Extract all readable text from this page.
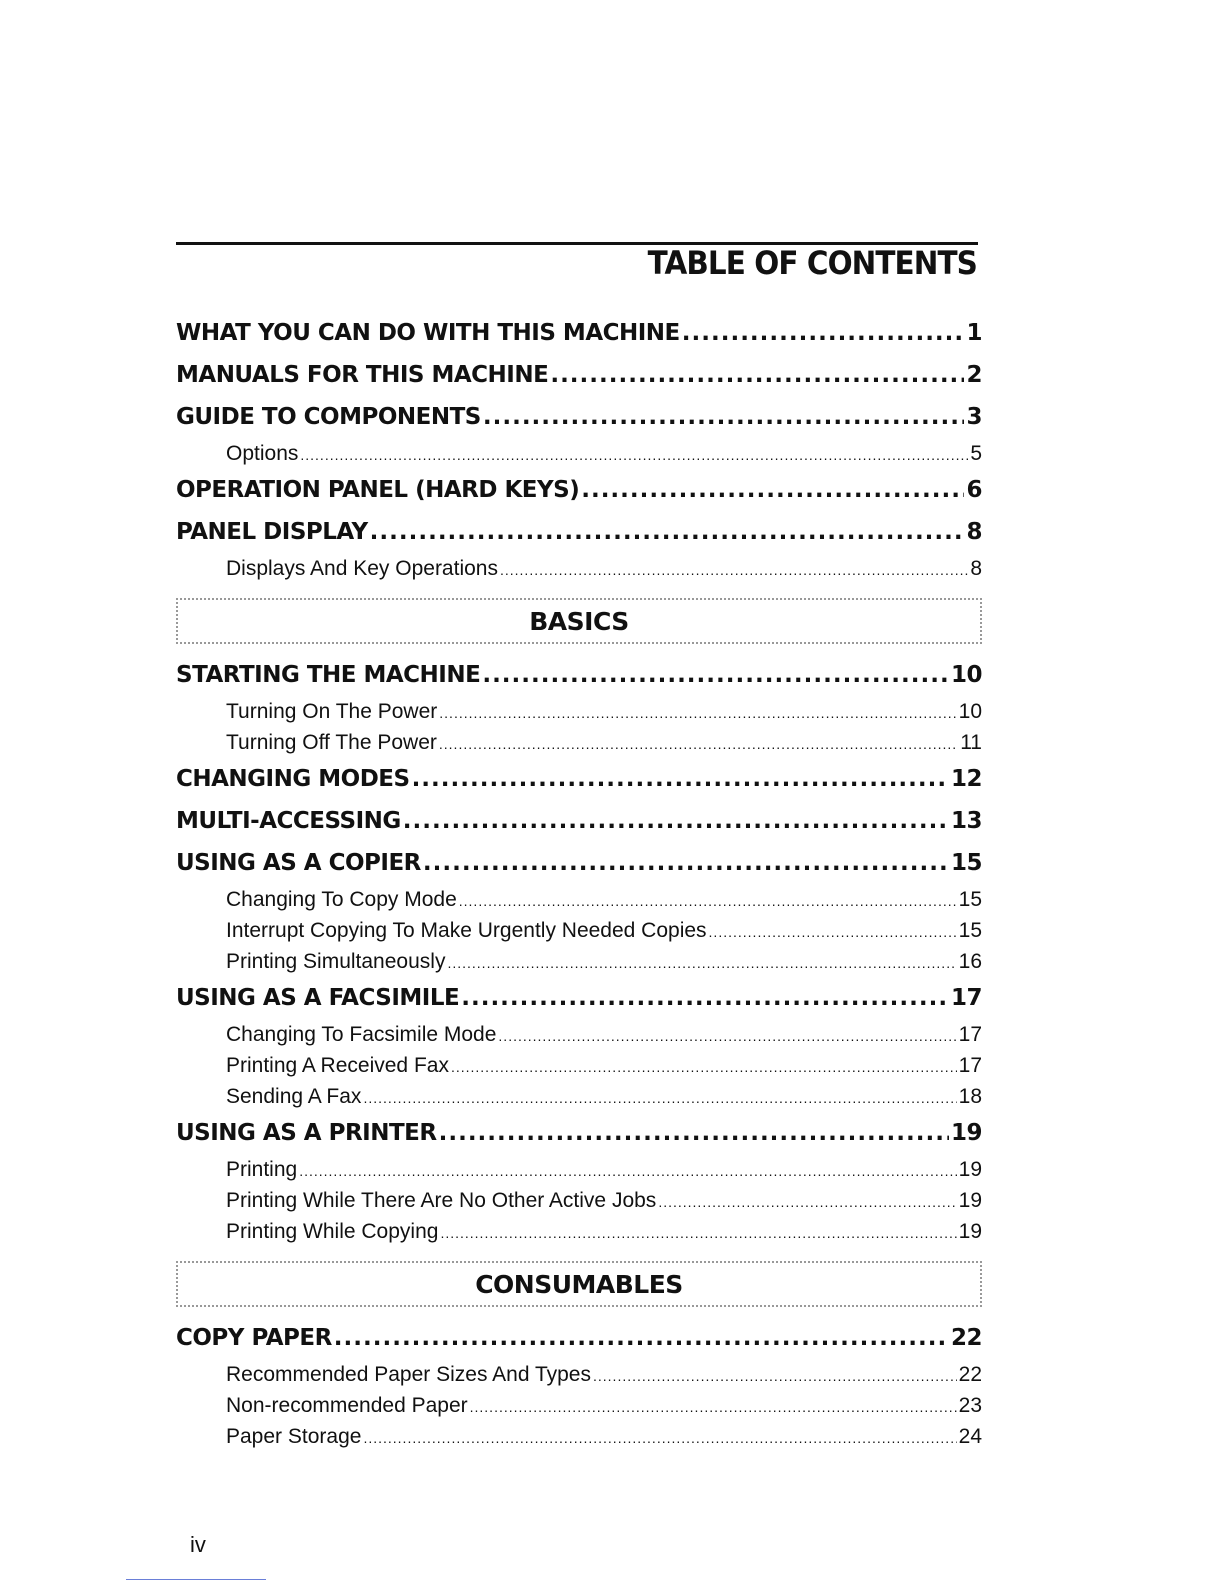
TABLE OF CONTENTS
WHAT YOU CAN DO WITH THIS MACHINE .....	1
MANUALS FOR THIS MACHINE .....	2
GUIDE TO COMPONENTS .....	3
Options .....	5
OPERATION PANEL (HARD KEYS) .....	6
PANEL DISPLAY .....	8
Displays And Key Operations .....	8
BASICS
STARTING THE MACHINE .....	10
Turning On The Power .....	10
Turning Off The Power .....	11
CHANGING MODES .....	12
MULTI-ACCESSING .....	13
USING AS A COPIER .....	15
Changing To Copy Mode .....	15
Interrupt Copying To Make Urgently Needed Copies .....	15
Printing Simultaneously .....	16
USING AS A FACSIMILE .....	17
Changing To Facsimile Mode .....	17
Printing A Received Fax .....	17
Sending A Fax .....	18
USING AS A PRINTER .....	19
Printing .....	19
Printing While There Are No Other Active Jobs .....	19
Printing While Copying .....	19
CONSUMABLES
COPY PAPER .....	22
Recommended Paper Sizes And Types .....	22
Non-recommended Paper .....	23
Paper Storage .....	24
iv
